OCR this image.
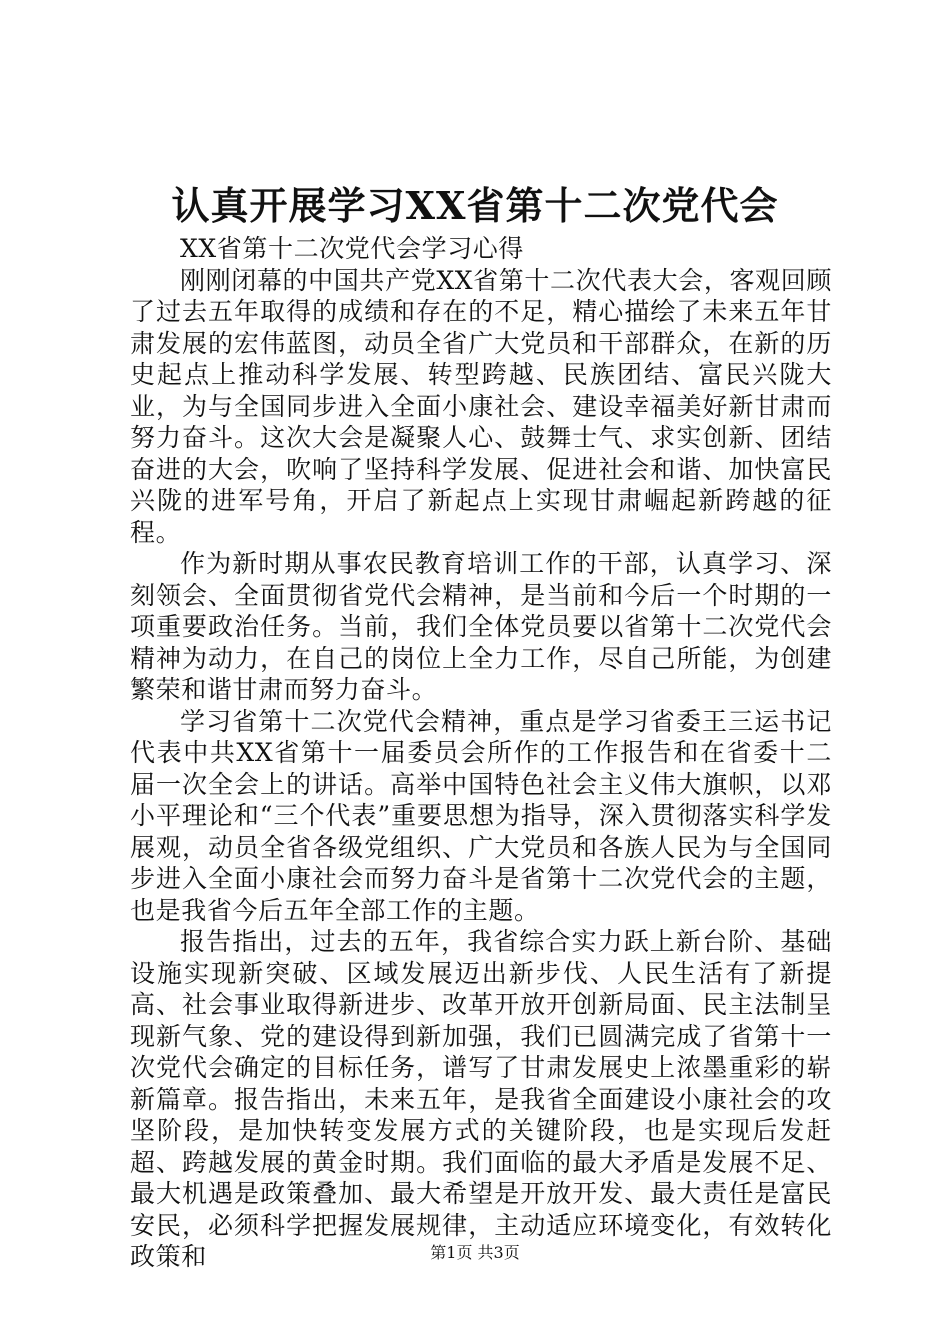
认真开展学习XX省第十二次党代会

XX省第十二次党代会学习心得

刚刚闭幕的中国共产党XX省第十二次代表大会，客观回顾了过去五年取得的成绩和存在的不足，精心描绘了未来五年甘肃发展的宏伟蓝图，动员全省广大党员和干部群众，在新的历史起点上推动科学发展、转型跨越、民族团结、富民兴陇大业，为与全国同步进入全面小康社会、建设幸福美好新甘肃而努力奋斗。这次大会是凝聚人心、鼓舞士气、求实创新、团结奋进的大会，吹响了坚持科学发展、促进社会和谐、加快富民兴陇的进军号角，开启了新起点上实现甘肃崛起新跨越的征程。

作为新时期从事农民教育培训工作的干部，认真学习、深刻领会、全面贯彻省党代会精神，是当前和今后一个时期的一项重要政治任务。当前，我们全体党员要以省第十二次党代会精神为动力，在自己的岗位上全力工作，尽自己所能，为创建繁荣和谐甘肃而努力奋斗。

学习省第十二次党代会精神，重点是学习省委王三运书记代表中共XX省第十一届委员会所作的工作报告和在省委十二届一次全会上的讲话。高举中国特色社会主义伟大旗帜，以邓小平理论和“三个代表”重要思想为指导，深入贯彻落实科学发展观，动员全省各级党组织、广大党员和各族人民为与全国同步进入全面小康社会而努力奋斗是省第十二次党代会的主题，也是我省今后五年全部工作的主题。

报告指出，过去的五年，我省综合实力跃上新台阶、基础设施实现新突破、区域发展迈出新步伐、人民生活有了新提高、社会事业取得新进步、改革开放开创新局面、民主法制呈现新气象、党的建设得到新加强，我们已圆满完成了省第十一次党代会确定的目标任务，谱写了甘肃发展史上浓墨重彩的崭新篇章。报告指出，未来五年，是我省全面建设小康社会的攻坚阶段，是加快转变发展方式的关键阶段，也是实现后发赶超、跨越发展的黄金时期。我们面临的最大矛盾是发展不足、最大机遇是政策叠加、最大希望是开放开发、最大责任是富民安民，必须科学把握发展规律，主动适应环境变化，有效转化政策和	第1页 共3页
